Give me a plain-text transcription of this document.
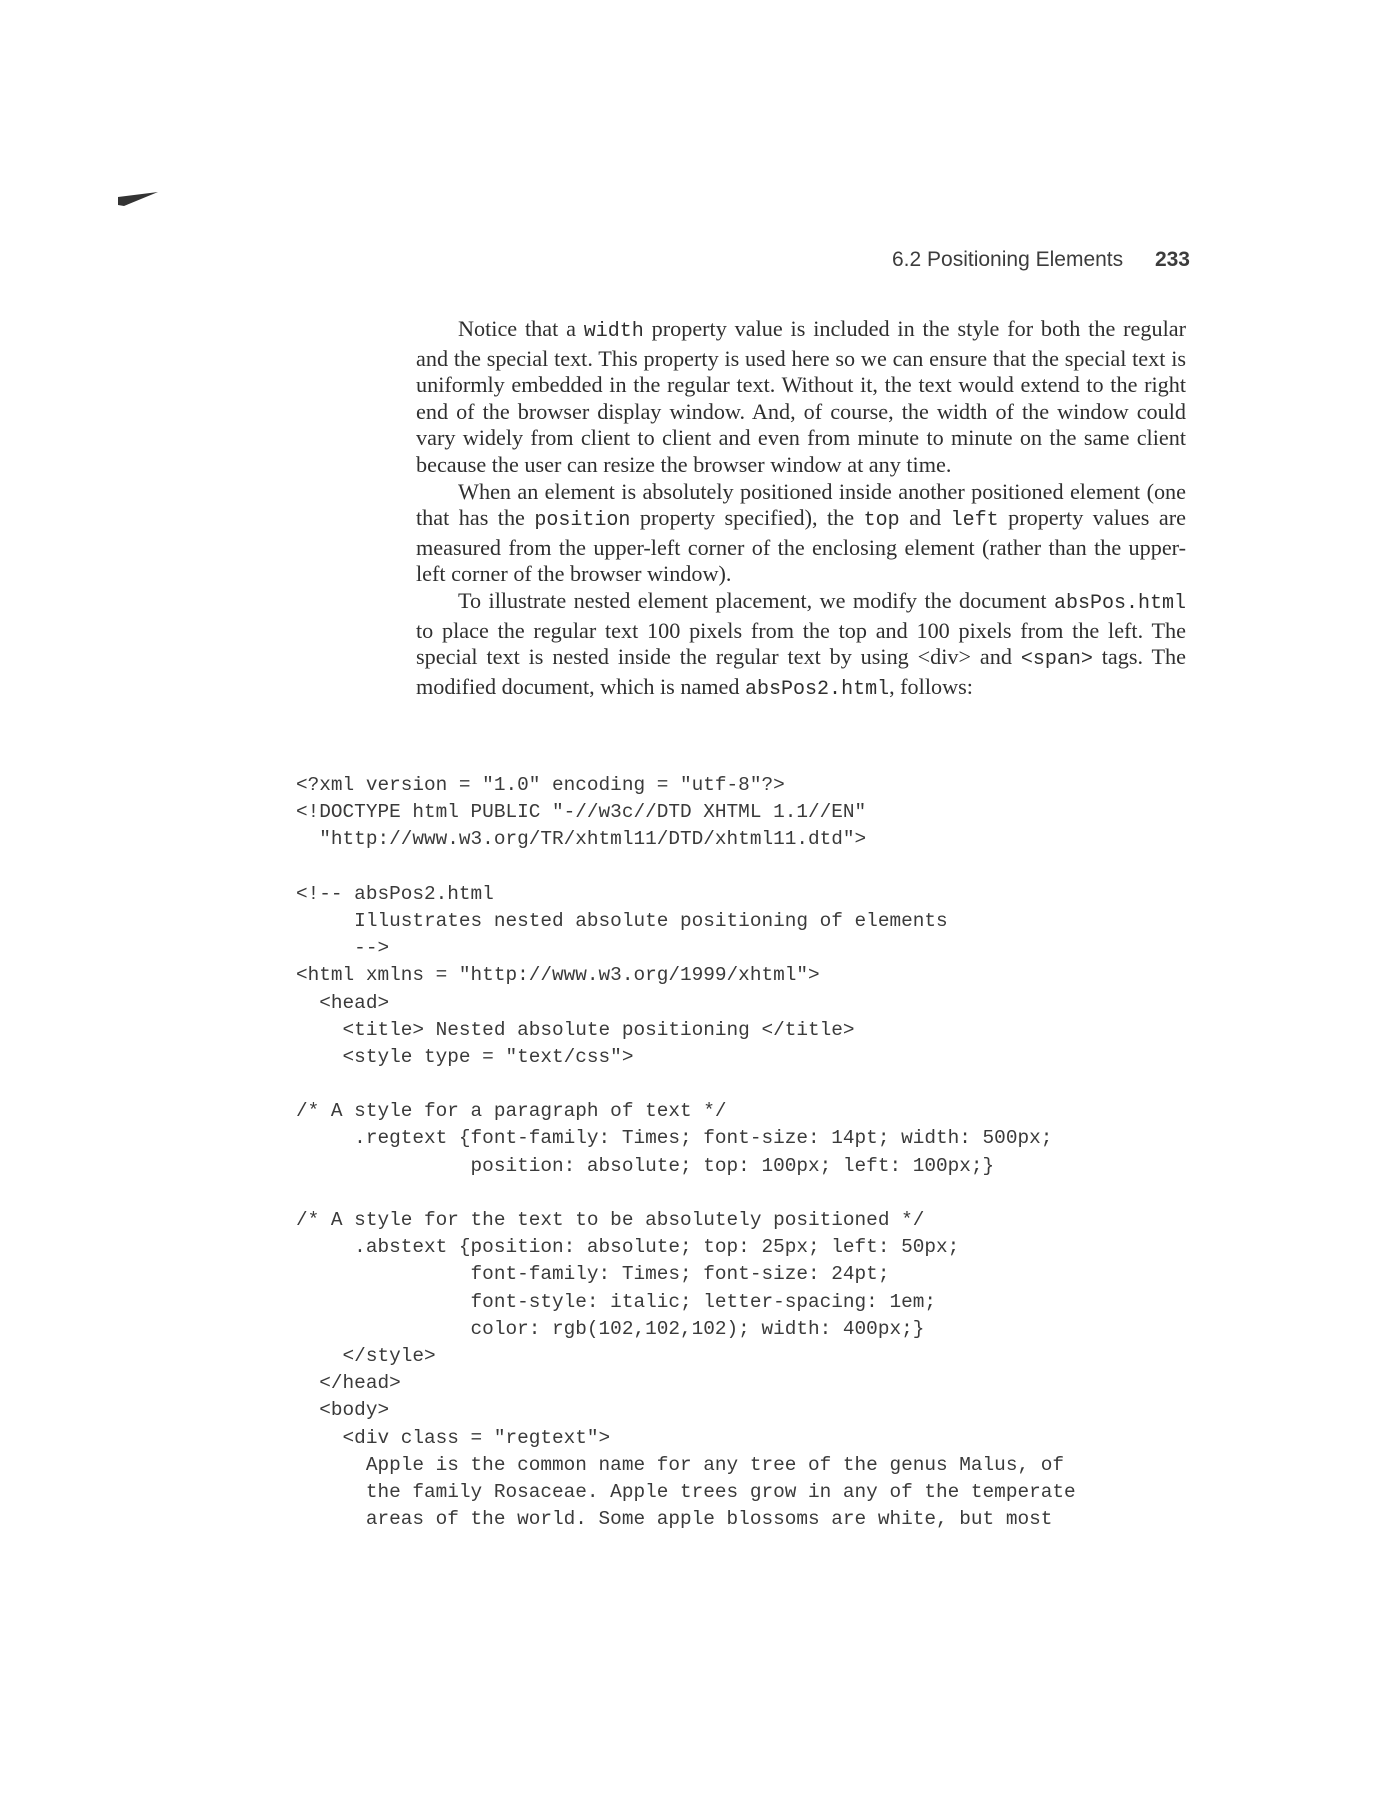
6.2 Positioning Elements 233

Notice that a width property value is included in the style for both the regular and the special text. This property is used here so we can ensure that the special text is uniformly embedded in the regular text. Without it, the text would extend to the right end of the browser display window. And, of course, the width of the window could vary widely from client to client and even from minute to minute on the same client because the user can resize the browser window at any time.

When an element is absolutely positioned inside another positioned element (one that has the position property specified), the top and left property values are measured from the upper-left corner of the enclosing element (rather than the upper-left corner of the browser window).

To illustrate nested element placement, we modify the document absPos.html to place the regular text 100 pixels from the top and 100 pixels from the left. The special text is nested inside the regular text by using <div> and <span> tags. The modified document, which is named absPos2.html, follows:

<?xml version = "1.0" encoding = "utf-8"?>
<!DOCTYPE html PUBLIC "-//w3c//DTD XHTML 1.1//EN"
"http://www.w3.org/TR/xhtml11/DTD/xhtml11.dtd">
<!-- absPos2.html
Illustrates nested absolute positioning of elements
-->
<html xmlns = "http://www.w3.org/1999/xhtml">
<head>
<title> Nested absolute positioning </title>
<style type = "text/css">
/* A style for a paragraph of text */
.regtext {font-family: Times; font-size: 14pt; width: 500px;
position: absolute; top: 100px; left: 100px;}
/* A style for the text to be absolutely positioned */
.abstext {position: absolute; top: 25px; left: 50px;
font-family: Times; font-size: 24pt;
font-style: italic; letter-spacing: 1em;
color: rgb(102,102,102); width: 400px;}
</style>
</head>
<body>
<div class = "regtext">
Apple is the common name for any tree of the genus Malus, of
the family Rosaceae. Apple trees grow in any of the temperate
areas of the world. Some apple blossoms are white, but most
